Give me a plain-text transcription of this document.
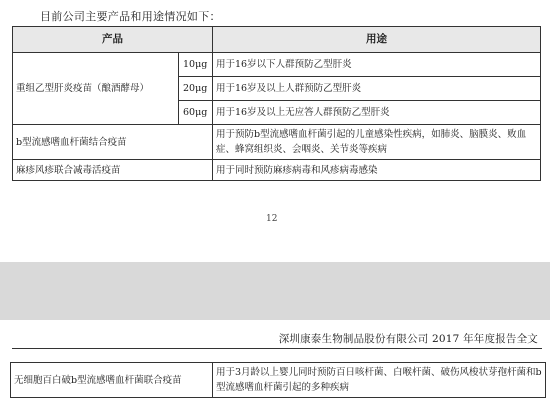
目前公司主要产品和用途情况如下：
产品		用途
重组乙型肝炎疫苗（酿酒酵母）	10μg	用于16岁以下人群预防乙型肝炎
	20μg	用于16岁及以上人群预防乙型肝炎
	60μg	用于16岁及以上无应答人群预防乙型肝炎
b型流感嗜血杆菌结合疫苗		用于预防b型流感嗜血杆菌引起的儿童感染性疾病，如肺炎、脑膜炎、败血症、蜂窝组织炎、会咽炎、关节炎等疾病
麻疹风疹联合减毒活疫苗		用于同时预防麻疹病毒和风疹病毒感染
12
深圳康泰生物制品股份有限公司 2017 年年度报告全文
无细胞百白破b型流感嗜血杆菌联合疫苗	用于3月龄以上婴儿同时预防百日咳杆菌、白喉杆菌、破伤风梭状芽孢杆菌和b型流感嗜血杆菌引起的多种疾病
